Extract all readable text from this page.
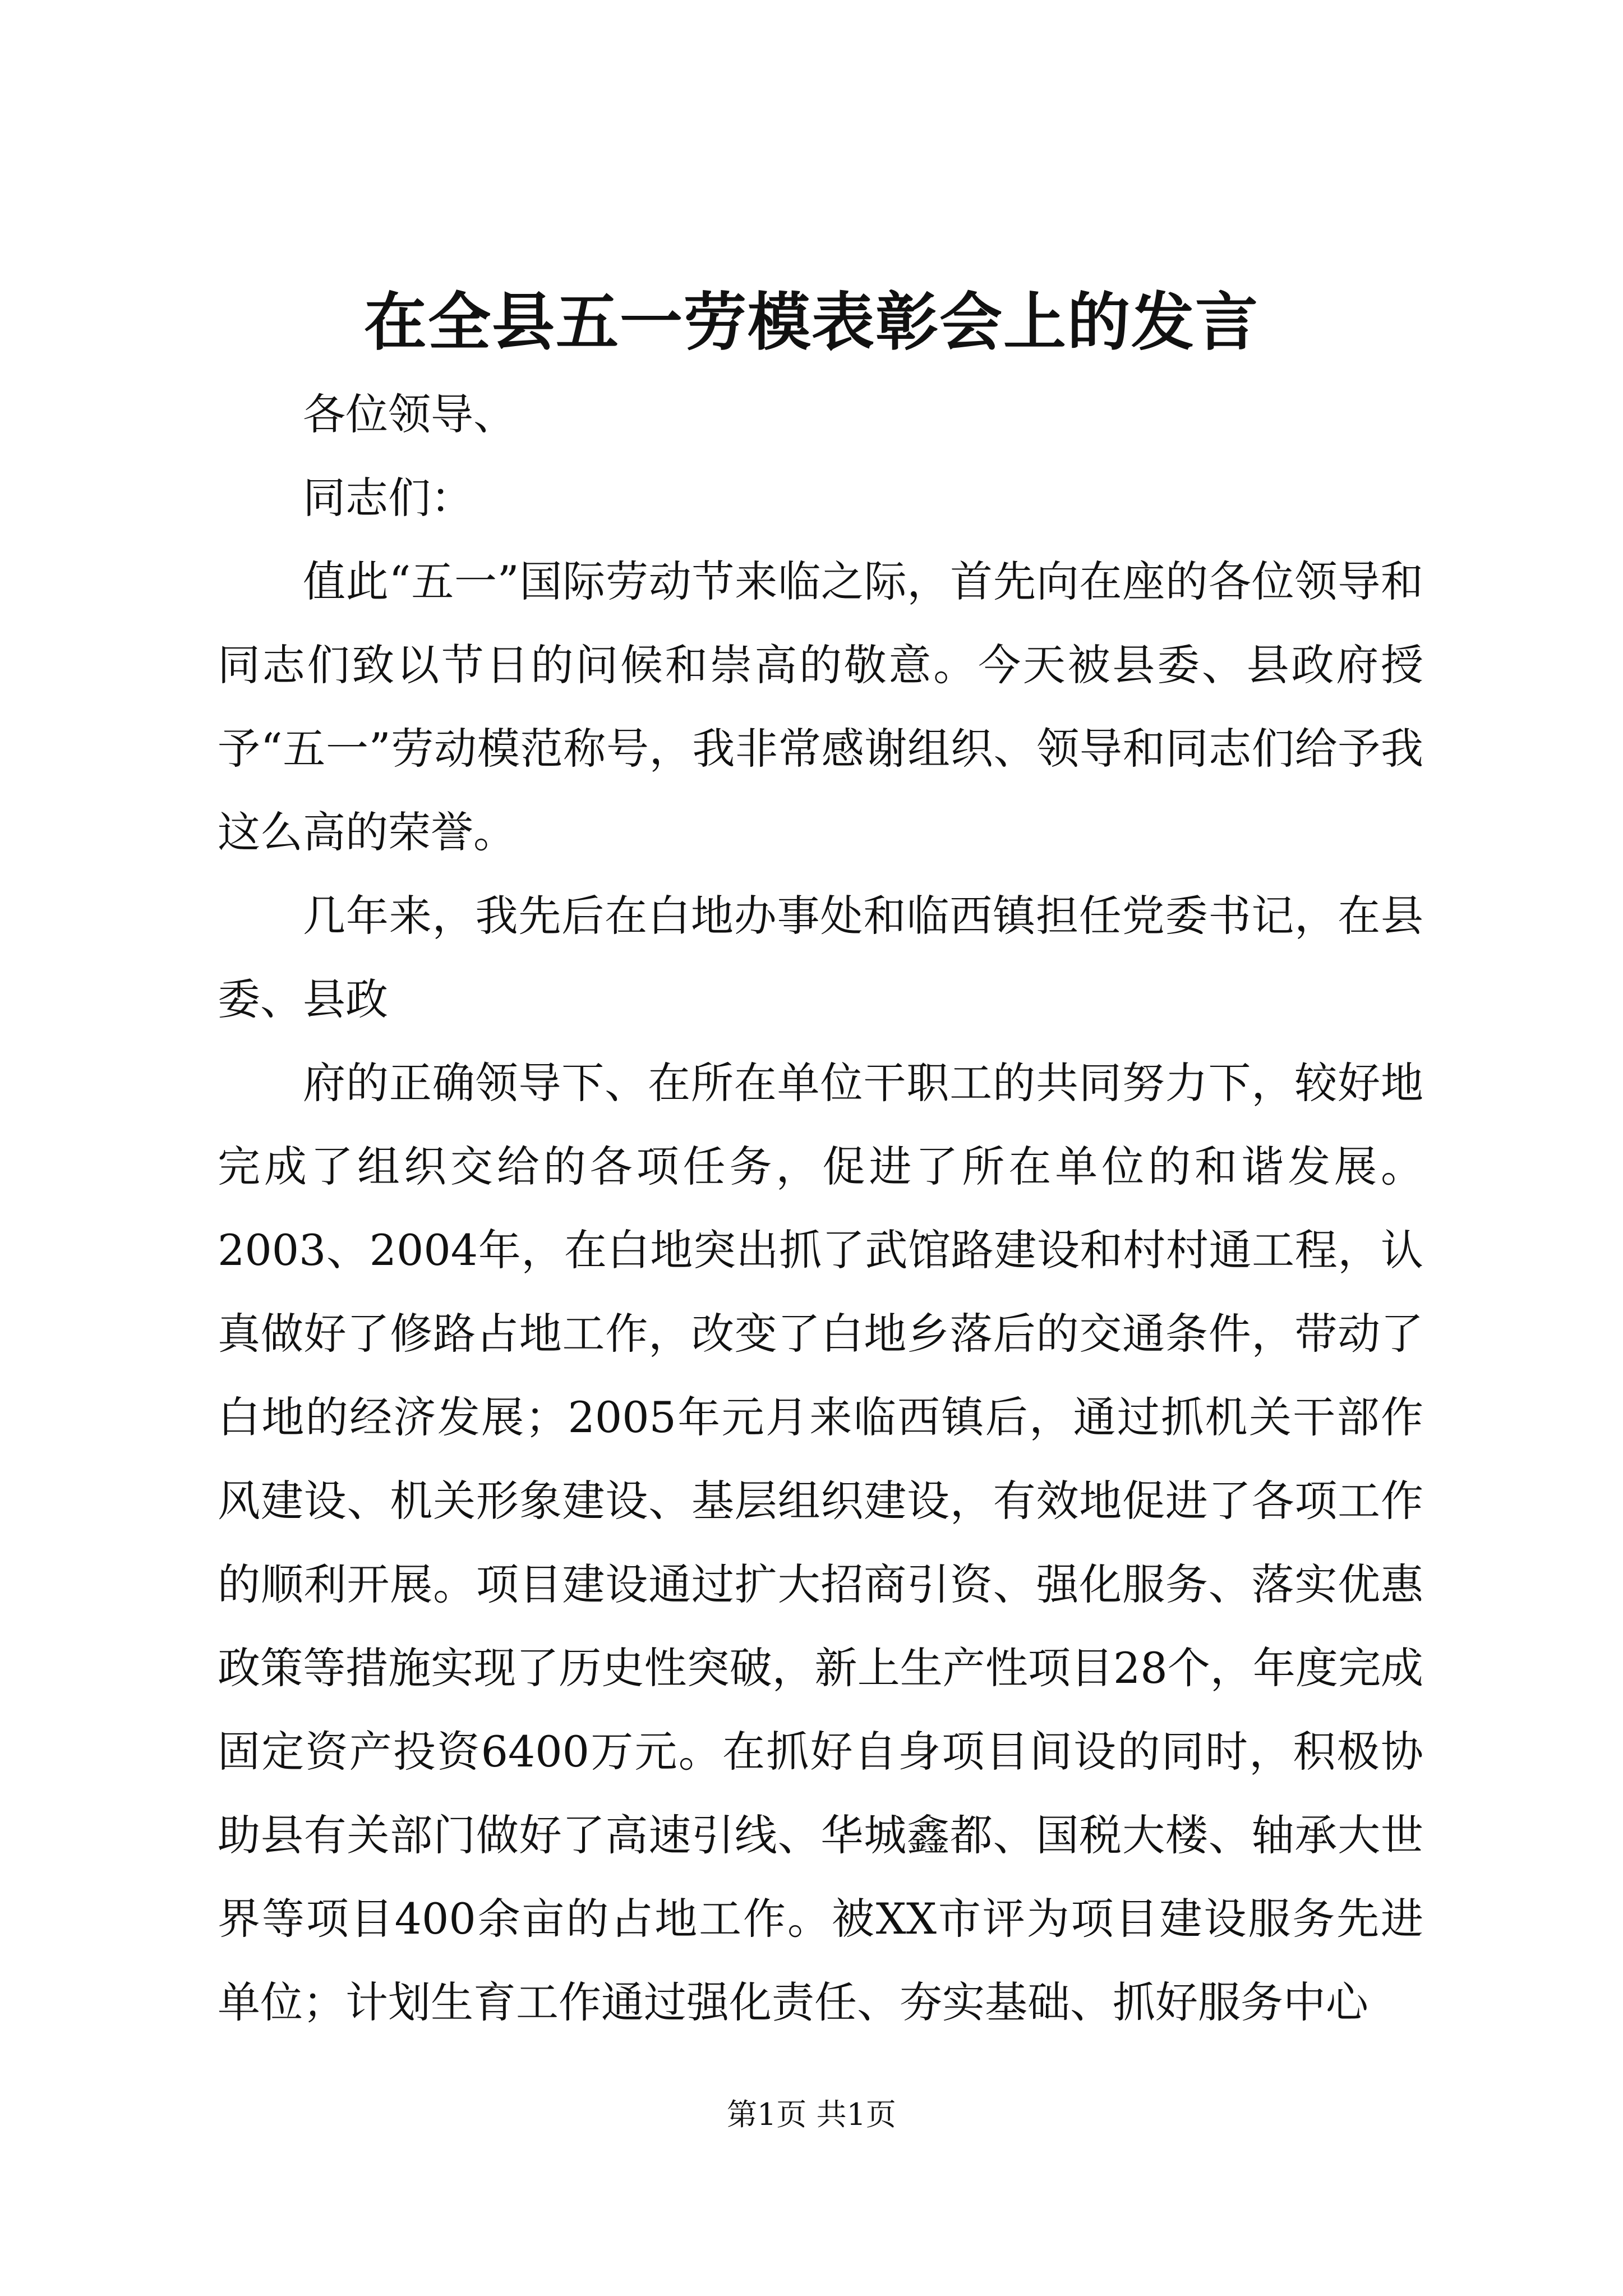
在全县五一劳模表彰会上的发言

各位领导、

同志们：

值此“五一”国际劳动节来临之际，首先向在座的各位领导和同志们致以节日的问候和崇高的敬意。今天被县委、县政府授予“五一”劳动模范称号，我非常感谢组织、领导和同志们给予我这么高的荣誉。

几年来，我先后在白地办事处和临西镇担任党委书记，在县委、县政

府的正确领导下、在所在单位干职工的共同努力下，较好地完成了组织交给的各项任务，促进了所在单位的和谐发展。2003、2004年，在白地突出抓了武馆路建设和村村通工程，认真做好了修路占地工作，改变了白地乡落后的交通条件，带动了白地的经济发展；2005年元月来临西镇后，通过抓机关干部作风建设、机关形象建设、基层组织建设，有效地促进了各项工作的顺利开展。项目建设通过扩大招商引资、强化服务、落实优惠政策等措施实现了历史性突破，新上生产性项目28个，年度完成固定资产投资6400万元。在抓好自身项目间设的同时，积极协助县有关部门做好了高速引线、华城鑫都、国税大楼、轴承大世界等项目400余亩的占地工作。被XX市评为项目建设服务先进单位；计划生育工作通过强化责任、夯实基础、抓好服务中心

第1页 共1页
